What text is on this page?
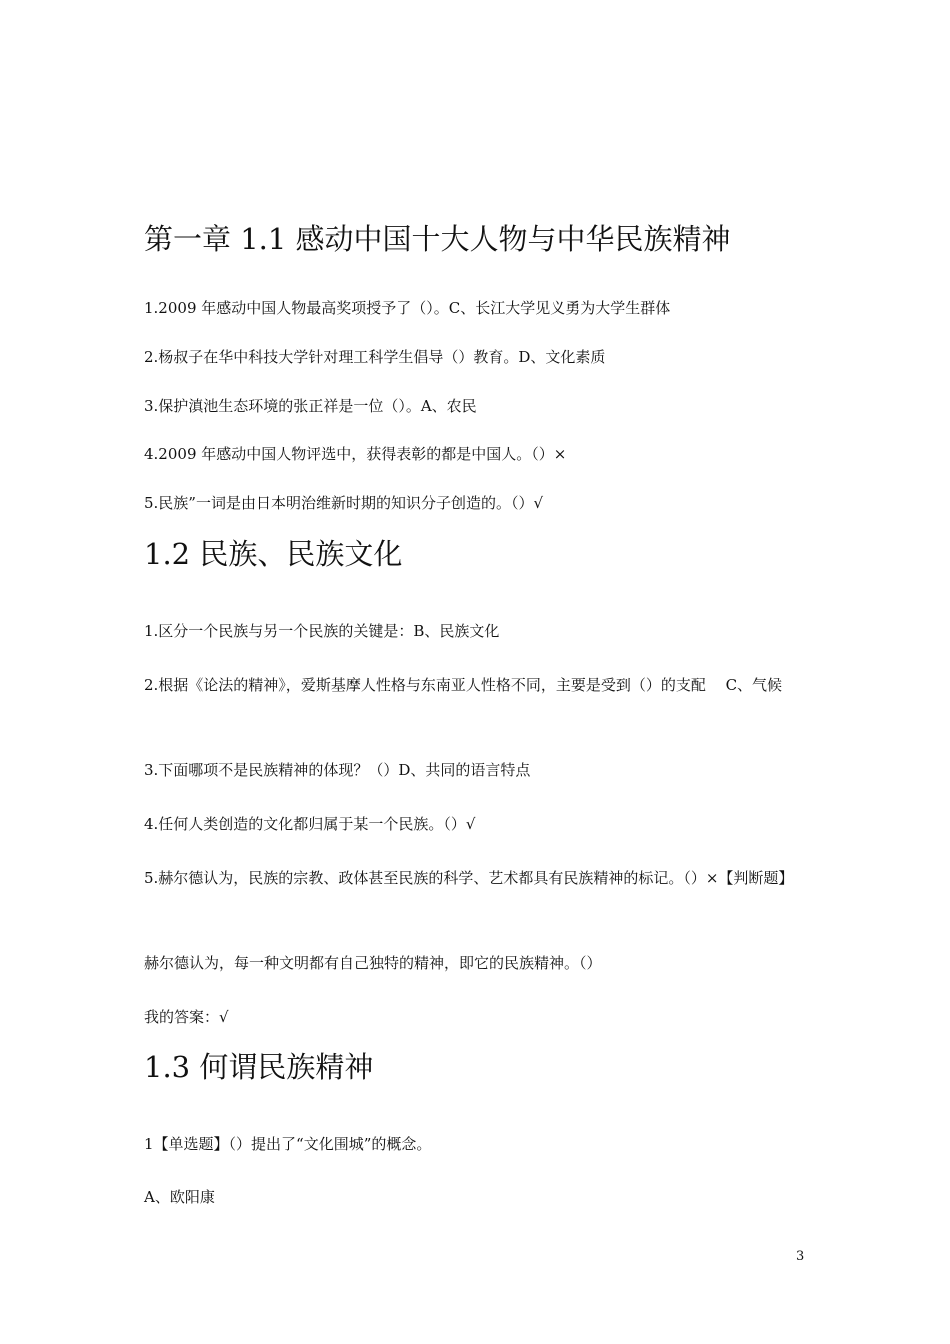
第一章 1.1 感动中国十大人物与中华民族精神

1.2009 年感动中国人物最高奖项授予了（）。C、长江大学见义勇为大学生群体

2.杨叔子在华中科技大学针对理工科学生倡导（）教育。D、文化素质

3.保护滇池生态环境的张正祥是一位（）。A、农民

4.2009 年感动中国人物评选中，获得表彰的都是中国人。（）×

5.民族”一词是由日本明治维新时期的知识分子创造的。（）√

1.2 民族、民族文化

1.区分一个民族与另一个民族的关键是：B、民族文化

2.根据《论法的精神》，爱斯基摩人性格与东南亚人性格不同，主要是受到（）的支配　 C、气候

3.下面哪项不是民族精神的体现？（）D、共同的语言特点

4.任何人类创造的文化都归属于某一个民族。（）√

5.赫尔德认为，民族的宗教、政体甚至民族的科学、艺术都具有民族精神的标记。（）×【判断题】

赫尔德认为，每一种文明都有自己独特的精神，即它的民族精神。（）

我的答案：√

1.3 何谓民族精神

1【单选题】（）提出了“文化围城”的概念。

A、欧阳康

3
